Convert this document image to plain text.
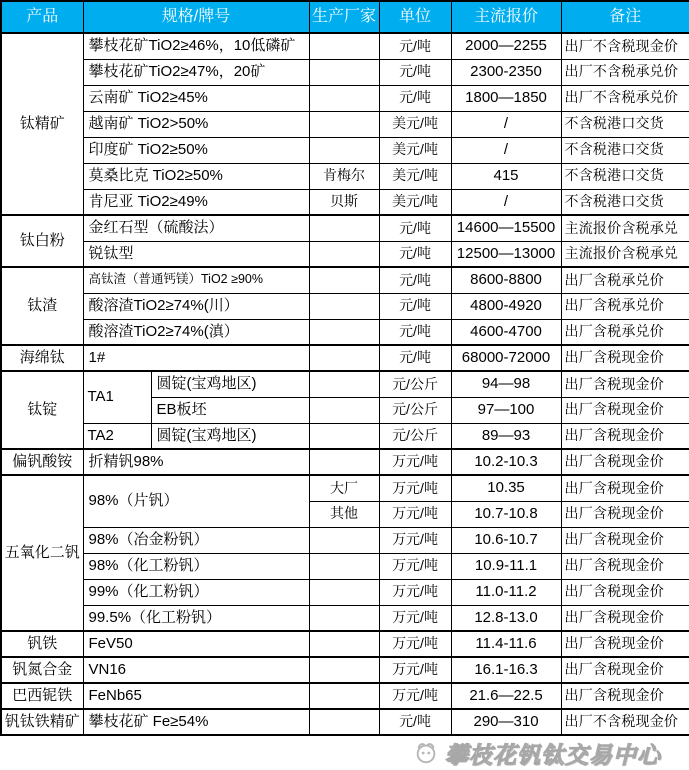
产品	规格/牌号		生产厂家	单位	主流报价	备注
钛精矿	攀枝花矿TiO2≥46%，10低磷矿			元/吨	2000—2255	出厂不含税现金价
	攀枝花矿TiO2≥47%，20矿			元/吨	2300-2350	出厂不含税承兑价
	云南矿 TiO2≥45%			元/吨	1800—1850	出厂不含税承兑价
	越南矿 TiO2>50%			美元/吨	/	不含税港口交货
	印度矿 TiO2≥50%			美元/吨	/	不含税港口交货
	莫桑比克 TiO2≥50%		肯梅尔	美元/吨	415	不含税港口交货
	肯尼亚 TiO2≥49%		贝斯	美元/吨	/	不含税港口交货
钛白粉	金红石型（硫酸法）			元/吨	14600—15500	主流报价含税承兑
	锐钛型			元/吨	12500—13000	主流报价含税承兑
钛渣	高钛渣（普通钙镁）TiO2 ≥90%			元/吨	8600-8800	出厂含税承兑价
	酸溶渣TiO2≥74%(川）			元/吨	4800-4920	出厂含税承兑价
	酸溶渣TiO2≥74%(滇）			元/吨	4600-4700	出厂含税承兑价
海绵钛	1#			元/吨	68000-72000	出厂含税现金价
钛锭	TA1	圆锭(宝鸡地区)		元/公斤	94—98	出厂含税现金价
		EB板坯		元/公斤	97—100	出厂含税现金价
	TA2	圆锭(宝鸡地区)		元/公斤	89—93	出厂含税现金价
偏钒酸铵	折精钒98%			万元/吨	10.2-10.3	出厂含税现金价
五氧化二钒	98%（片钒）		大厂	万元/吨	10.35	出厂含税现金价
			其他	万元/吨	10.7-10.8	出厂含税现金价
	98%（冶金粉钒）			万元/吨	10.6-10.7	出厂含税现金价
	98%（化工粉钒）			万元/吨	10.9-11.1	出厂含税现金价
	99%（化工粉钒）			万元/吨	11.0-11.2	出厂含税现金价
	99.5%（化工粉钒）			万元/吨	12.8-13.0	出厂含税现金价
钒铁	FeV50			万元/吨	11.4-11.6	出厂含税现金价
钒氮合金	VN16			万元/吨	16.1-16.3	出厂含税现金价
巴西铌铁	FeNb65			万元/吨	21.6—22.5	出厂含税现金价
钒钛铁精矿	攀枝花矿 Fe≥54%			元/吨	290—310	出厂不含税现金价
攀枝花钒钛交易中心
